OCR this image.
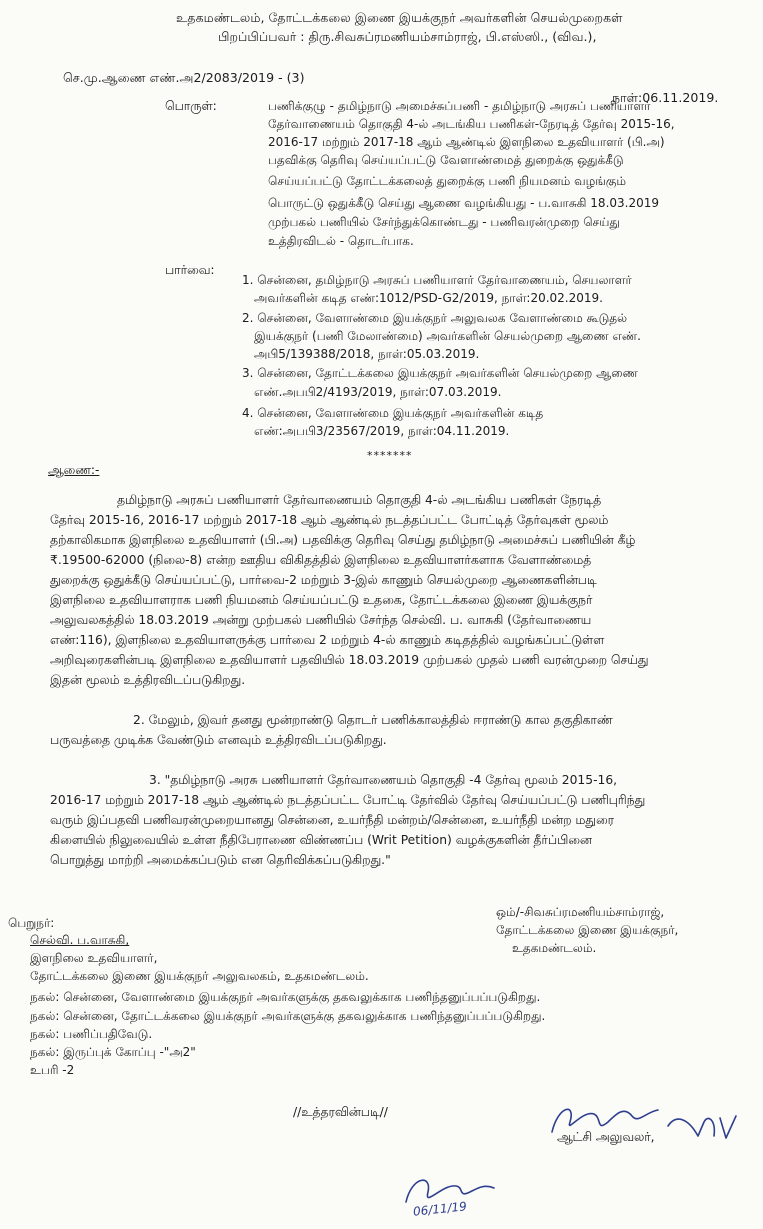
உதகமண்டலம், தோட்டக்கலை இணை இயக்குநர் அவர்களின் செயல்முறைகள்
பிறப்பிப்பவர் : திரு.சிவசுப்ரமணியம்சாம்ராஜ், பி.எஸ்ஸி., (விவ.),
செ.மு.ஆணை எண்.அ2/2083/2019 - (3)
நாள்:06.11.2019.
பொருள்:	பணிக்குழு - தமிழ்நாடு அமைச்சுப்பணி - தமிழ்நாடு அரசுப் பணியாளர்
தேர்வாணையம் தொகுதி 4-ல் அடங்கிய பணிகள்-நேரடித் தேர்வு 2015-16,
2016-17 மற்றும் 2017-18 ஆம் ஆண்டில் இளநிலை உதவியாளர் (பி.அ)
பதவிக்கு தெரிவு செய்யப்பட்டு வேளாண்மைத் துறைக்கு ஒதுக்கீடு
செய்யப்பட்டு தோட்டக்கலைத் துறைக்கு பணி நியமனம் வழங்கும்
பொருட்டு ஒதுக்கீடு செய்து ஆணை வழங்கியது - ப.வாசுகி 18.03.2019
முற்பகல் பணியில் சேர்ந்துக்கொண்டது - பணிவரன்முறை செய்து
உத்திரவிடல் - தொடர்பாக.
பார்வை:
1. சென்னை, தமிழ்நாடு அரசுப் பணியாளர் தேர்வாணையம், செயலாளர்
அவர்களின் கடித எண்:1012/PSD-G2/2019, நாள்:20.02.2019.
2. சென்னை, வேளாண்மை இயக்குநர் அலுவலக வேளாண்மை கூடுதல்
இயக்குநர் (பணி மேலாண்மை) அவர்களின் செயல்முறை ஆணை எண்.
அபி5/139388/2018, நாள்:05.03.2019.
3. சென்னை, தோட்டக்கலை இயக்குநர் அவர்களின் செயல்முறை ஆணை
எண்.அபபி2/4193/2019, நாள்:07.03.2019.
4. சென்னை, வேளாண்மை இயக்குநர் அவர்களின் கடித
எண்:அபபி3/23567/2019, நாள்:04.11.2019.
*******
ஆணை:-
தமிழ்நாடு அரசுப் பணியாளர் தேர்வாணையம் தொகுதி 4-ல் அடங்கிய பணிகள் நேரடித்
தேர்வு 2015-16, 2016-17 மற்றும் 2017-18 ஆம் ஆண்டில் நடத்தப்பட்ட போட்டித் தேர்வுகள் மூலம்
தற்காலிகமாக இளநிலை உதவியாளர் (பி.அ) பதவிக்கு தெரிவு செய்து தமிழ்நாடு அமைச்சுப் பணியின் கீழ்
₹.19500-62000 (நிலை-8) என்ற ஊதிய விகிதத்தில் இளநிலை உதவியாளர்களாக வேளாண்மைத்
துறைக்கு ஒதுக்கீடு செய்யப்பட்டு, பார்வை-2 மற்றும் 3-இல் காணும் செயல்முறை ஆணைகளின்படி
இளநிலை உதவியாளராக பணி நியமனம் செய்யப்பட்டு உதகை, தோட்டக்கலை இணை இயக்குநர்
அலுவலகத்தில் 18.03.2019 அன்று முற்பகல் பணியில் சேர்ந்த செல்வி. ப. வாசுகி (தேர்வாணைய
எண்:116), இளநிலை உதவியாளருக்கு பார்வை 2 மற்றும் 4-ல் காணும் கடிதத்தில் வழங்கப்பட்டுள்ள
அறிவுரைகளின்படி இளநிலை உதவியாளர் பதவியில் 18.03.2019 முற்பகல் முதல் பணி வரன்முறை செய்து
இதன் மூலம் உத்திரவிடப்படுகிறது.
2. மேலும், இவர் தனது மூன்றாண்டு தொடர் பணிக்காலத்தில் ஈராண்டு கால தகுதிகாண்
பருவத்தை முடிக்க வேண்டும் எனவும் உத்திரவிடப்படுகிறது.
3. "தமிழ்நாடு அரசு பணியாளர் தேர்வாணையம் தொகுதி -4 தேர்வு மூலம் 2015-16,
2016-17 மற்றும் 2017-18 ஆம் ஆண்டில் நடத்தப்பட்ட போட்டி தேர்வில் தேர்வு செய்யப்பட்டு பணிபுரிந்து
வரும் இப்பதவி பணிவரன்முறையானது சென்னை, உயர்நீதி மன்றம்/சென்னை, உயர்நீதி மன்ற மதுரை
கிளையில் நிலுவையில் உள்ள நீதிபேராணை விண்ணப்ப (Writ Petition) வழக்குகளின் தீர்ப்பினை
பொறுத்து மாற்றி அமைக்கப்படும் என தெரிவிக்கப்படுகிறது."
ஒம்/-சிவசுப்ரமணியம்சாம்ராஜ்,
தோட்டக்கலை இணை இயக்குநர்,
உதகமண்டலம்.
பெறுநர்:
செல்வி. ப.வாசுகி,
இளநிலை உதவியாளர்,
தோட்டக்கலை இணை இயக்குநர் அலுவலகம், உதகமண்டலம்.
நகல்: சென்னை, வேளாண்மை இயக்குநர் அவர்களுக்கு தகவலுக்காக பணிந்தனுப்பப்படுகிறது.
நகல்: சென்னை, தோட்டக்கலை இயக்குநர் அவர்களுக்கு தகவலுக்காக பணிந்தனுப்பப்படுகிறது.
நகல்: பணிப்பதிவேடு.
நகல்: இருப்புக் கோப்பு -"அ2"
உபரி -2
//உத்தரவின்படி//
ஆட்சி அலுவலர்,
06/11/19
